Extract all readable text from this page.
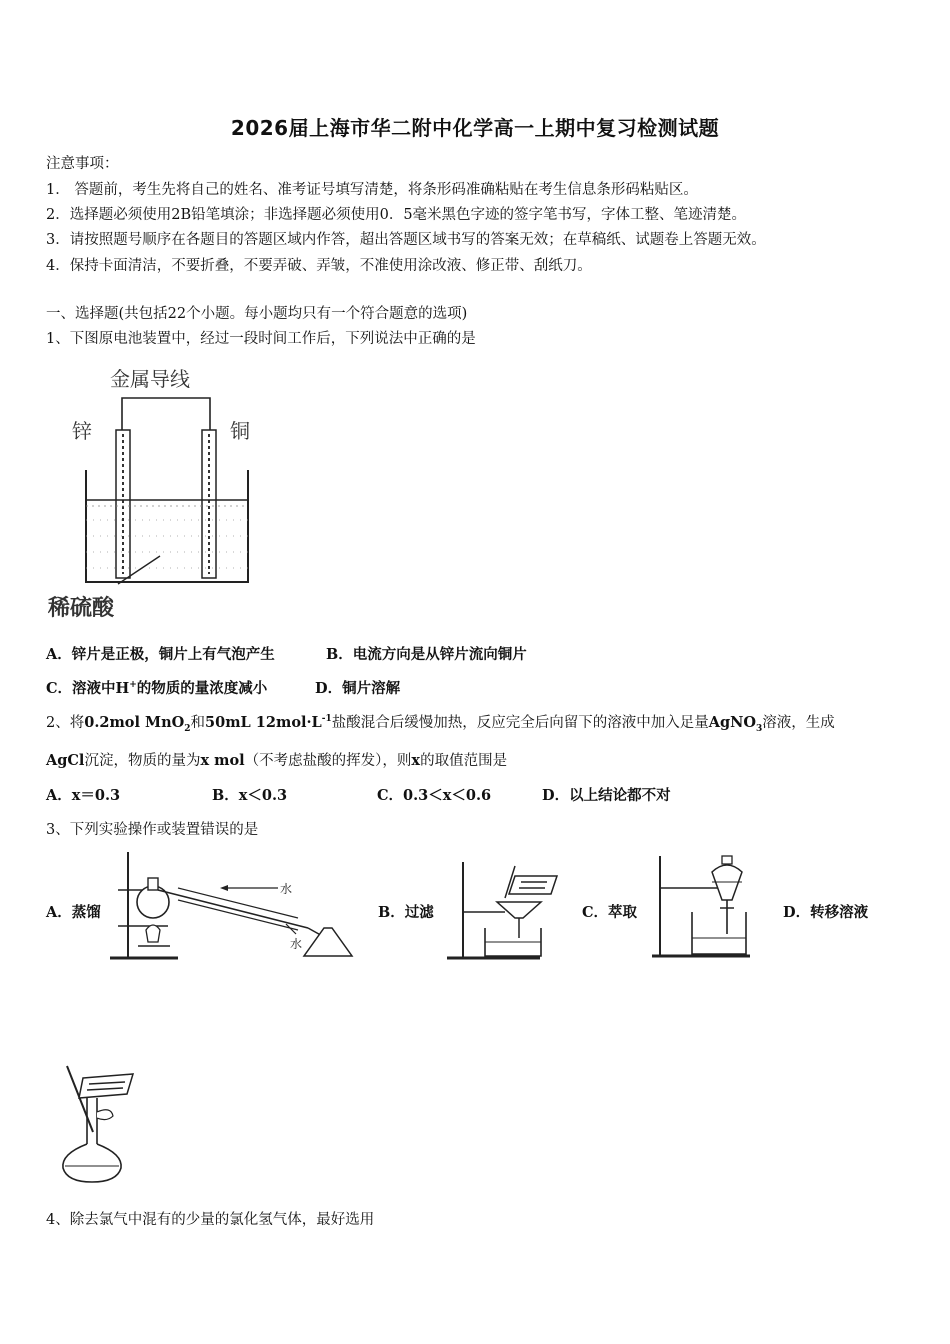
2026届上海市华二附中化学高一上期中复习检测试题
注意事项：
1． 答题前，考生先将自己的姓名、准考证号填写清楚，将条形码准确粘贴在考生信息条形码粘贴区。
2．选择题必须使用2B铅笔填涂；非选择题必须使用0．5毫米黑色字迹的签字笔书写，字体工整、笔迹清楚。
3．请按照题号顺序在各题目的答题区域内作答，超出答题区域书写的答案无效；在草稿纸、试题卷上答题无效。
4．保持卡面清洁，不要折叠，不要弄破、弄皱，不准使用涂改液、修正带、刮纸刀。
一、选择题(共包括22个小题。每小题均只有一个符合题意的选项)
1、下图原电池装置中，经过一段时间工作后，下列说法中正确的是
金属导线
锌	铜
稀硫酸
A．锌片是正极，铜片上有气泡产生	B．电流方向是从锌片流向铜片
C．溶液中H+的物质的量浓度减小	D．铜片溶解
2、将0.2mol MnO$_2$和50mL $12mol\cdot L^{-1}$盐酸混合后缓慢加热，反应完全后向留下的溶液中加入足量AgNO$_3$溶液，生成
AgCl沉淀，物质的量为x mol（不考虑盐酸的挥发），则x的取值范围是
A．x＝0.3	B．x＜0.3	C．0.3＜x＜0.6	D．以上结论都不对
3、下列实验操作或装置错误的是
A．蒸馏
水
水
B．过滤	C．萃取	D．转移溶液
4、除去氯气中混有的少量的氯化氢气体，最好选用
